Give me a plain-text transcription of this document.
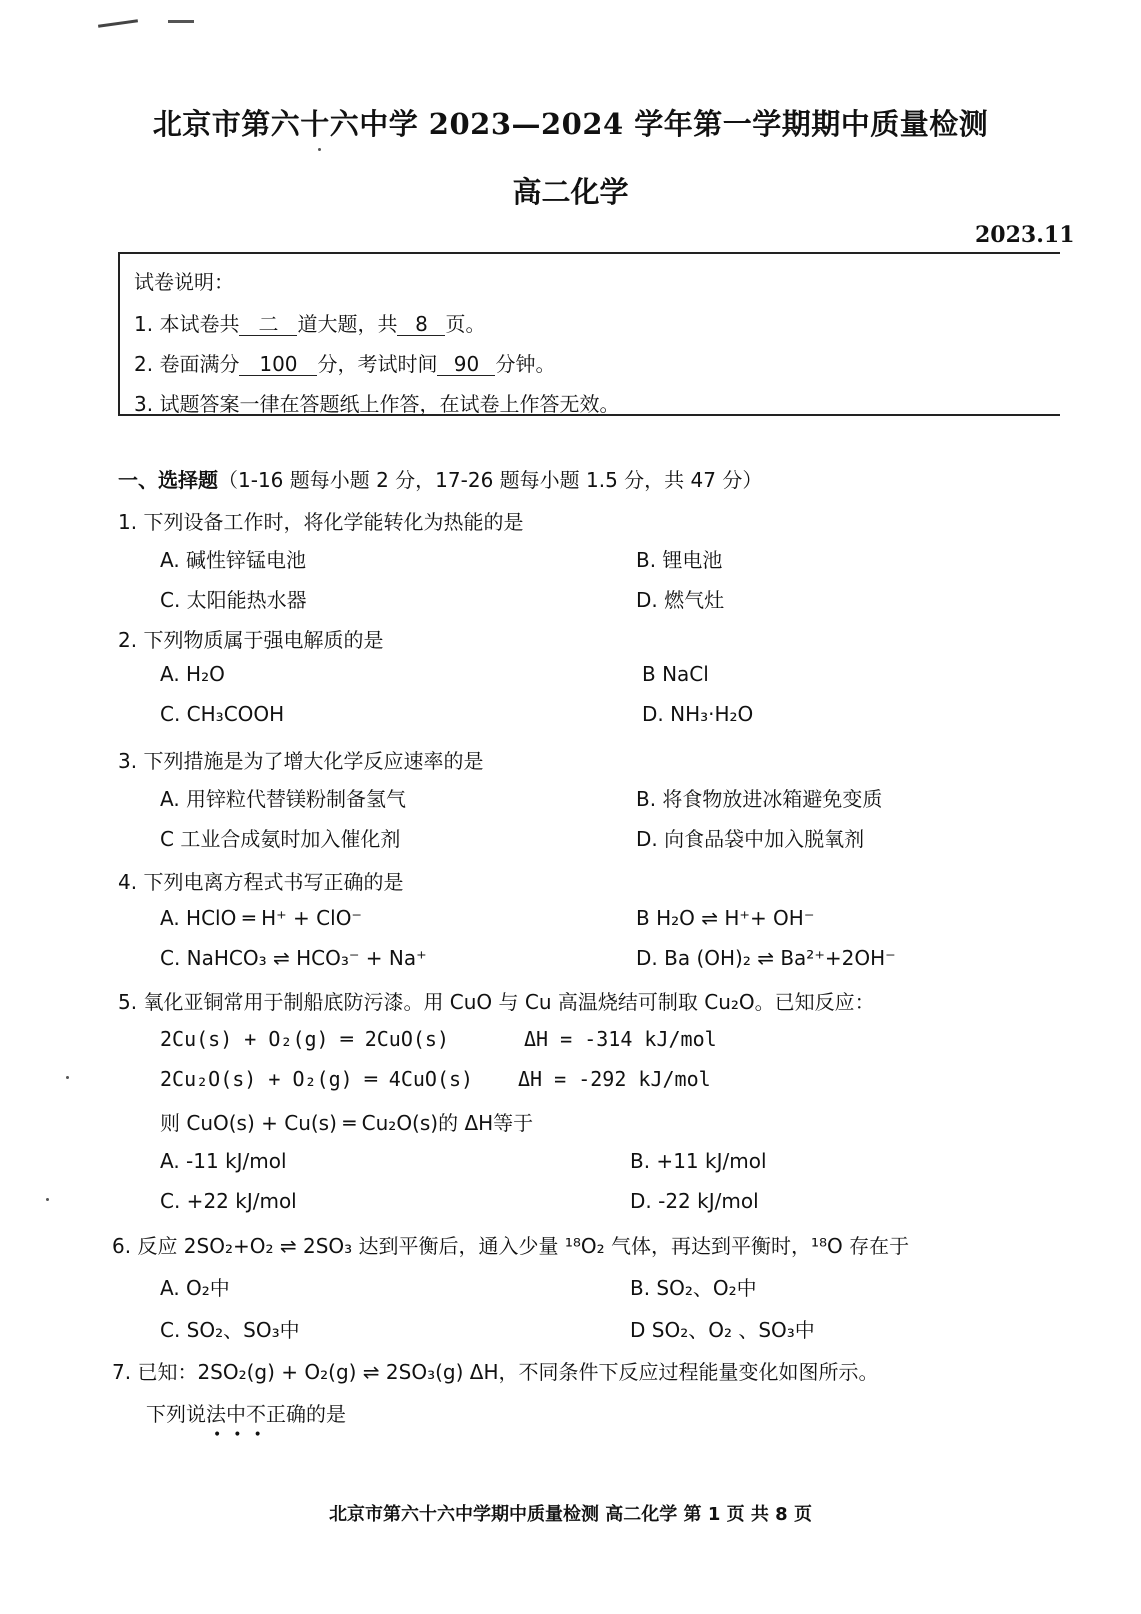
北京市第六十六中学 2023—2024 学年第一学期期中质量检测
高二化学
2023.11
试卷说明：
1. 本试卷共 二 道大题，共 8 页。
2. 卷面满分 100 分，考试时间 90 分钟。
3. 试题答案一律在答题纸上作答，在试卷上作答无效。
一、选择题（1-16 题每小题 2 分，17-26 题每小题 1.5 分，共 47 分）
1. 下列设备工作时，将化学能转化为热能的是
A. 碱性锌锰电池	B. 锂电池
C. 太阳能热水器	D. 燃气灶
2. 下列物质属于强电解质的是
A. H₂O	B NaCl
C. CH₃COOH	D. NH₃·H₂O
3. 下列措施是为了增大化学反应速率的是
A. 用锌粒代替镁粉制备氢气	B. 将食物放进冰箱避免变质
C 工业合成氨时加入催化剂	D. 向食品袋中加入脱氧剂
4. 下列电离方程式书写正确的是
A. HClO ═ H⁺ + ClO⁻	B H₂O ⇌ H⁺+ OH⁻
C. NaHCO₃ ⇌ HCO₃⁻ + Na⁺	D. Ba (OH)₂ ⇌ Ba²⁺+2OH⁻
5. 氧化亚铜常用于制船底防污漆。用 CuO 与 Cu 高温烧结可制取 Cu₂O。已知反应：
2Cu(s) + O₂(g) ═ 2CuO(s)	ΔH = -314 kJ/mol
2Cu₂O(s) + O₂(g) ═ 4CuO(s) ΔH = -292 kJ/mol
则 CuO(s) + Cu(s) ═ Cu₂O(s)的 ΔH等于
A. -11 kJ/mol	B. +11 kJ/mol
C. +22 kJ/mol	D. -22 kJ/mol
6. 反应 2SO₂+O₂ ⇌ 2SO₃ 达到平衡后，通入少量 ¹⁸O₂ 气体，再达到平衡时，¹⁸O 存在于
A. O₂中	B. SO₂、O₂中
C. SO₂、SO₃中	D SO₂、O₂ 、SO₃中
7. 已知：2SO₂(g) + O₂(g) ⇌ 2SO₃(g) ΔH，不同条件下反应过程能量变化如图所示。
下列说法中不正确的是
•••
北京市第六十六中学期中质量检测 高二化学 第 1 页 共 8 页
